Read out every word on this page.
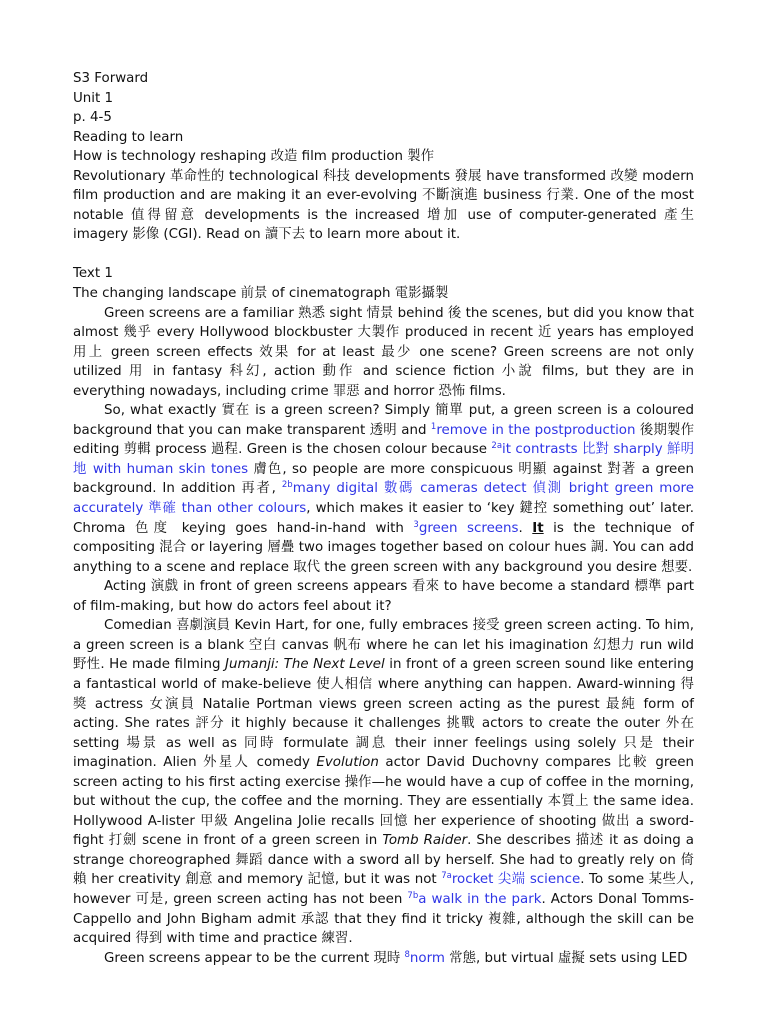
S3 Forward
Unit 1
p. 4-5
Reading to learn
How is technology reshaping 改造 film production 製作
Revolutionary 革命性的 technological 科技 developments 發展 have transformed 改變 modern film production and are making it an ever-evolving 不斷演進 business 行業. One of the most notable 值得留意 developments is the increased 增加 use of computer-generated 產生 imagery 影像 (CGI). Read on 讀下去 to learn more about it.
Text 1
The changing landscape 前景 of cinematograph 電影攝製
Green screens are a familiar 熟悉 sight 情景 behind 後 the scenes, but did you know that almost 幾乎 every Hollywood blockbuster 大製作 produced in recent 近 years has employed 用上 green screen effects 效果 for at least 最少 one scene? Green screens are not only utilized 用 in fantasy 科幻, action 動作 and science fiction 小說 films, but they are in everything nowadays, including crime 罪惡 and horror 恐怖 films.
So, what exactly 實在 is a green screen? Simply 簡單 put, a green screen is a coloured background that you can make transparent 透明 and $^1$remove in the postproduction 後期製作 editing 剪輯 process 過程. Green is the chosen colour because $^{2a}$it contrasts 比對 sharply 鮮明地 with human skin tones 膚色, so people are more conspicuous 明顯 against 對著 a green background. In addition 再者, $^{2b}$many digital 數碼 cameras detect 偵測 bright green more accurately 準確 than other colours, which makes it easier to ‘key 鍵控 something out’ later. Chroma 色度 keying goes hand-in-hand with $^3$green screens. It is the technique of compositing 混合 or layering 層疊 two images together based on colour hues 調. You can add anything to a scene and replace 取代 the green screen with any background you desire 想要.
Acting 演戲 in front of green screens appears 看來 to have become a standard 標準 part of film-making, but how do actors feel about it?
Comedian 喜劇演員 Kevin Hart, for one, fully embraces 接受 green screen acting. To him, a green screen is a blank 空白 canvas 帆布 where he can let his imagination 幻想力 run wild 野性. He made filming Jumanji: The Next Level in front of a green screen sound like entering a fantastical world of make-believe 使人相信 where anything can happen. Award-winning 得獎 actress 女演員 Natalie Portman views green screen acting as the purest 最純 form of acting. She rates 評分 it highly because it challenges 挑戰 actors to create the outer 外在 setting 場景 as well as 同時 formulate 調息 their inner feelings using solely 只是 their imagination. Alien 外星人 comedy Evolution actor David Duchovny compares 比較 green screen acting to his first acting exercise 操作—he would have a cup of coffee in the morning, but without the cup, the coffee and the morning. They are essentially 本質上 the same idea. Hollywood A-lister 甲級 Angelina Jolie recalls 回憶 her experience of shooting 做出 a sword-fight 打劍 scene in front of a green screen in Tomb Raider. She describes 描述 it as doing a strange choreographed 舞蹈 dance with a sword all by herself. She had to greatly rely on 倚賴 her creativity 創意 and memory 記憶, but it was not $^{7a}$rocket 尖端 science. To some 某些人, however 可是, green screen acting has not been $^{7b}$a walk in the park. Actors Donal Tomms-Cappello and John Bigham admit 承認 that they find it tricky 複雜, although the skill can be acquired 得到 with time and practice 練習.
Green screens appear to be the current 現時 $^8$norm 常態, but virtual 虛擬 sets using LED
